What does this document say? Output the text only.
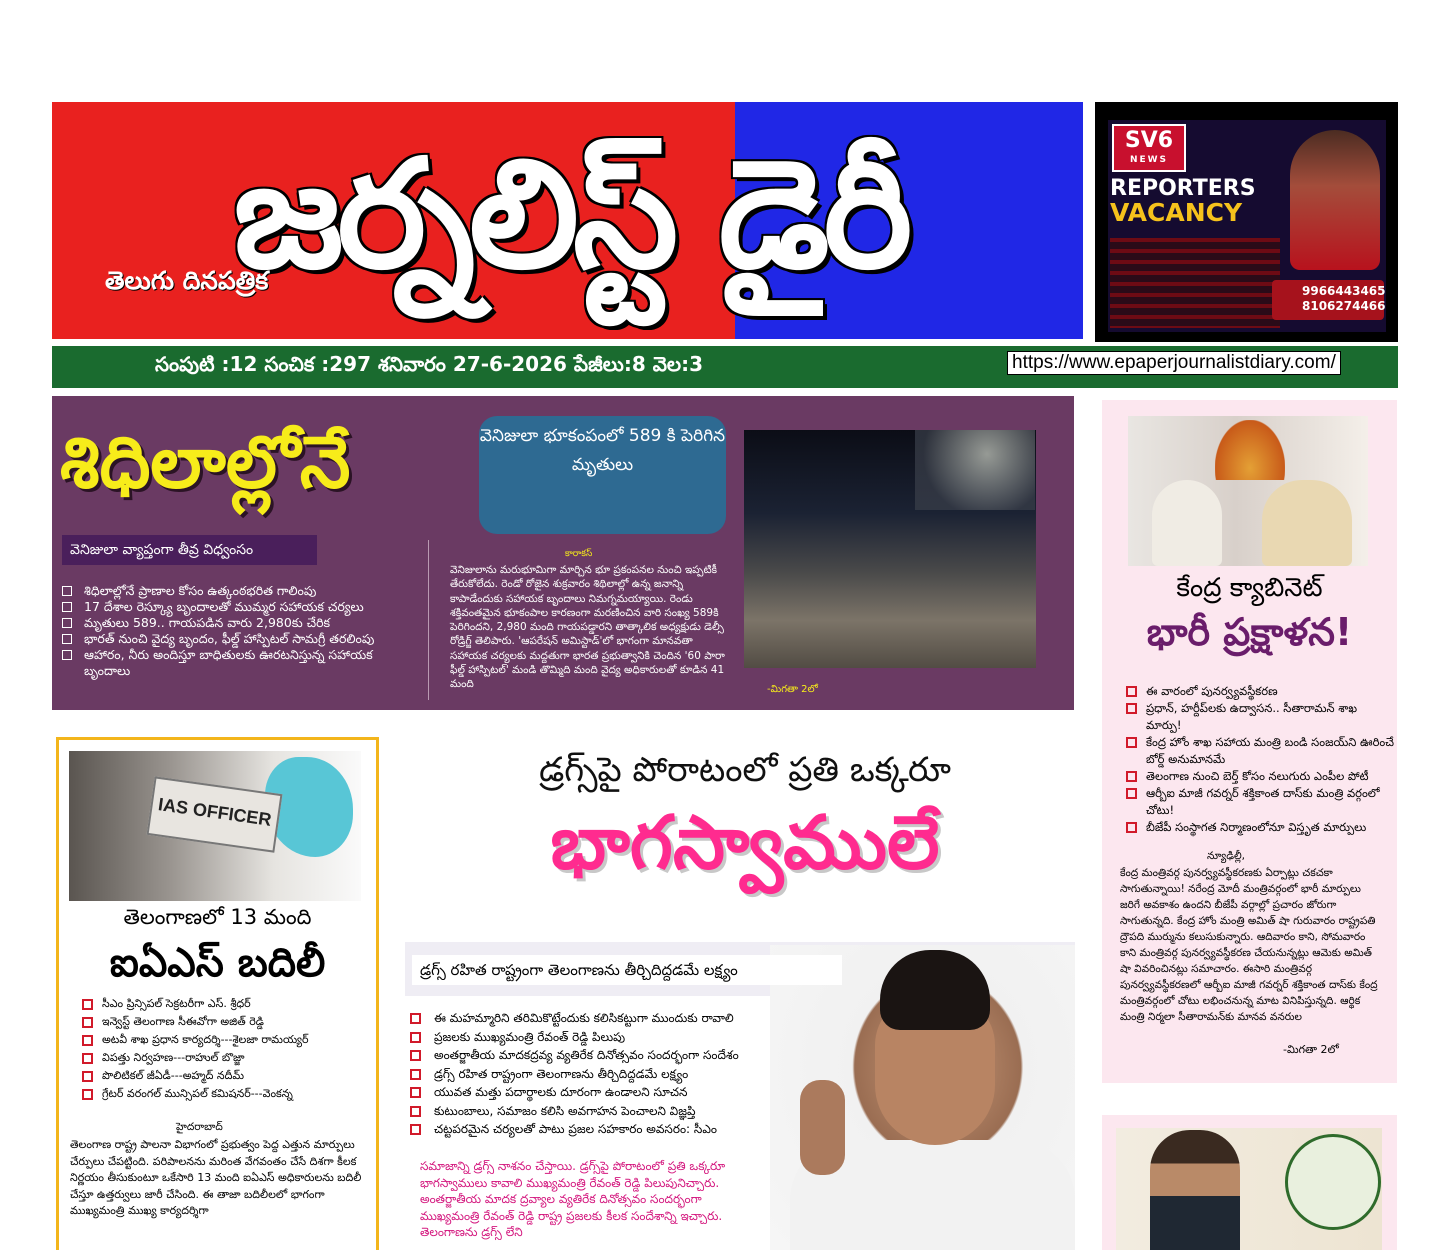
జర్నలిస్ట్ డైరీ
తెలుగు దినపత్రిక
SV6
NEWS
REPORTERS
VACANCY
9966443465
8106274466
సంపుటి :12 సంచిక :297 శనివారం 27-6-2026 పేజీలు:8 వెల:3	https://www.epaperjournalistdiary.com/
శిధిలాల్లోనే
వెనిజులా వ్యాప్తంగా తీవ్ర విధ్వంసం
శిధిలాల్లోనే ప్రాణాల కోసం ఉత్కంఠభరిత గాలింపు
17 దేశాల రెస్క్యూ బృందాలతో ముమ్మర సహాయక చర్యలు
మృతులు 589.. గాయపడిన వారు 2,980కు చేరిక
భారత్ నుంచి వైద్య బృందం, ఫీల్డ్ హాస్పిటల్ సామగ్రీ తరలింపు
ఆహారం, నీరు అందిస్తూ బాధితులకు ఊరటనిస్తున్న సహాయక బృందాలు
వెనిజులా భూకంపంలో 589 కి పెరిగిన మృతులు
కారాకస్
వెనిజులాను మరుభూమిగా మార్చిన భూ ప్రకంపనల నుంచి ఇప్పటికీ తేరుకోలేదు. రెండో రోజైన శుక్రవారం శిథిలాల్లో ఉన్న జనాన్ని కాపాడేందుకు సహాయక బృందాలు నిమగ్నమయ్యాయి. రెండు శక్తివంతమైన భూకంపాల కారణంగా మరణించిన వారి సంఖ్య 589కి పెరిగిందని, 2,980 మంది గాయపడ్డారని తాత్కాలిక అధ్యక్షుడు డెల్సీ రోడ్రిగ్జ్ తెలిపారు. 'ఆపరేషన్ అమిస్టాడ్'లో భాగంగా మానవతా సహాయక చర్యలకు మద్దతుగా భారత ప్రభుత్వానికి చెందిన '60 పారా ఫీల్డ్ హాస్పిటల్' మండి తొమ్మిది మంది వైద్య అధికారులతో కూడిన 41 మంది	-మిగతా 2లో
కేంద్ర క్యాబినెట్
భారీ ప్రక్షాళన!
ఈ వారంలో పునర్వ్యవస్థీకరణ
ప్రధాన్, హర్దీప్‌లకు ఉద్వాసన.. సీతారామన్ శాఖ మార్పు!
కేంద్ర హోం శాఖ సహాయ మంత్రి బండి సంజయ్‌ని ఊరించే బోర్డ్ అనుమానమే
తెలంగాణ నుంచి బెర్త్ కోసం నలుగురు ఎంపీల పోటీ
ఆర్బీఐ మాజీ గవర్నర్ శక్తికాంత దాస్‌కు మంత్రి వర్గంలో చోటు!
బీజేపీ సంస్థాగత నిర్మాణంలోనూ విస్తృత మార్పులు
న్యూఢిల్లీ,
కేంద్ర మంత్రివర్గ పునర్వ్యవస్థీకరణకు ఏర్పాట్లు చకచకా సాగుతున్నాయి! నరేంద్ర మోదీ మంత్రివర్గంలో భారీ మార్పులు జరిగే అవకాశం ఉందని బీజేపీ వర్గాల్లో ప్రచారం జోరుగా సాగుతున్నది. కేంద్ర హోం మంత్రి అమిత్ షా గురువారం రాష్ట్రపతి ద్రౌపది ముర్మును కలుసుకున్నారు. ఆదివారం కాని, సోమవారం కాని మంత్రివర్గ పునర్వ్యవస్థీకరణ చేయనున్నట్లు ఆమెకు అమిత్ షా వివరించినట్లు సమాచారం. ఈసారి మంత్రివర్గ పునర్వ్యవస్థీకరణలో ఆర్బీఐ మాజీ గవర్నర్ శక్తికాంత దాస్‌కు కేంద్ర మంత్రివర్గంలో చోటు లభించనున్న మాట వినిపిస్తున్నది. ఆర్థిక మంత్రి నిర్మలా సీతారామన్‌కు మానవ వనరుల
-మిగతా 2లో
IAS OFFICER
తెలంగాణలో 13 మంది
ఐఏఎస్ బదిలీ
సీఎం ప్రిన్సిపల్ సెక్రటరీగా ఎస్. శ్రీధర్
ఇన్వెస్ట్ తెలంగాణ సీఈవోగా అజిత్ రెడ్డి
అటవీ శాఖ ప్రధాన కార్యదర్శి---శైలజా రామయ్యర్
విపత్తు నిర్వహణ---రాహుల్ బొజ్జా
పొలిటికల్ జీఏడీ---అహ్మద్ నదీమ్
గ్రేటర్ వరంగల్ మున్సిపల్ కమిషనర్---వెంకన్న
హైదరాబాద్
తెలంగాణ రాష్ట్ర పాలనా విభాగంలో ప్రభుత్వం పెద్ద ఎత్తున మార్పులు చేర్పులు చేపట్టింది. పరిపాలనను మరింత వేగవంతం చేసే దిశగా కీలక నిర్ణయం తీసుకుంటూ ఒకేసారి 13 మంది ఐఏఎస్ అధికారులను బదిలీ చేస్తూ ఉత్తర్వులు జారీ చేసింది. ఈ తాజా బదిలీలలో భాగంగా ముఖ్యమంత్రి ముఖ్య కార్యదర్శిగా
డ్రగ్స్‌పై పోరాటంలో ప్రతి ఒక్కరూ
భాగస్వాములే
డ్రగ్స్ రహిత రాష్ట్రంగా తెలంగాణను తీర్చిదిద్దడమే లక్ష్యం
ఈ మహమ్మారిని తరిమికొట్టేందుకు కలిసికట్టుగా ముందుకు రావాలి
ప్రజలకు ముఖ్యమంత్రి రేవంత్ రెడ్డి పిలుపు
అంతర్జాతీయ మాదకద్రవ్య వ్యతిరేక దినోత్సవం సందర్భంగా సందేశం
డ్రగ్స్ రహిత రాష్ట్రంగా తెలంగాణను తీర్చిదిద్దడమే లక్ష్యం
యువత మత్తు పదార్థాలకు దూరంగా ఉండాలని సూచన
కుటుంబాలు, సమాజం కలిసి అవగాహన పెంచాలని విజ్ఞప్తి
చట్టపరమైన చర్యలతో పాటు ప్రజల సహకారం అవసరం: సీఎం
సమాజాన్ని డ్రగ్స్ నాశనం చేస్తాయి. డ్రగ్స్‌పై పోరాటంలో ప్రతి ఒక్కరూ భాగస్వాములు కావాలి ముఖ్యమంత్రి రేవంత్ రెడ్డి పిలుపునిచ్చారు. అంతర్జాతీయ మాదక ద్రవ్యాల వ్యతిరేక దినోత్సవం సందర్భంగా ముఖ్యమంత్రి రేవంత్ రెడ్డి రాష్ట్ర ప్రజలకు కీలక సందేశాన్ని ఇచ్చారు. తెలంగాణను డ్రగ్స్ లేని
